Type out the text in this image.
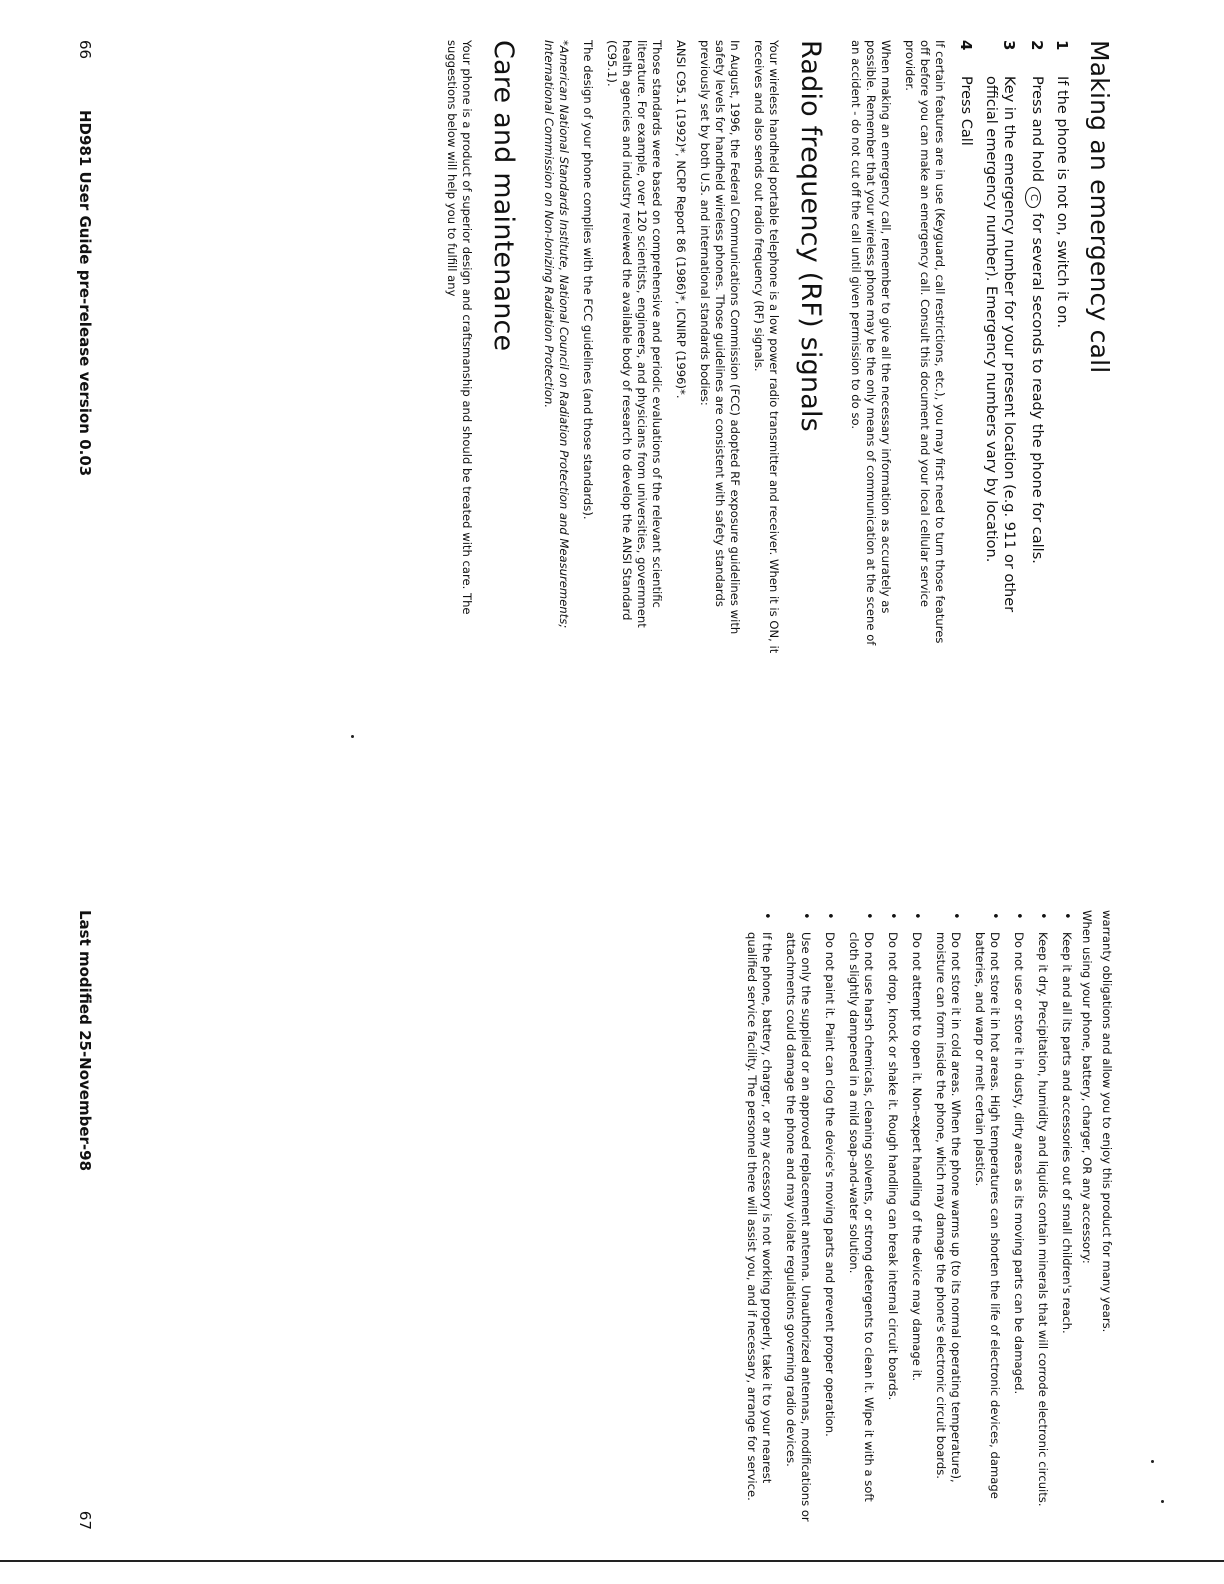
Making an emergency call
1
If the phone is not on, switch it on.
2
Press and holdCfor several seconds to ready the phone for calls.
3
Key in the emergency number for your present location (e.g. 911 or other official emergency number). Emergency numbers vary by location.
4
Press Call

If certain features are in use (Keyguard, call restrictions, etc.), you may first need to turn those features off before you can make an emergency call. Consult this document and your local cellular service provider.

When making an emergency call, remember to give all the necessary information as accurately as possible. Remember that your wireless phone may be the only means of communication at the scene of an accident - do not cut off the call until given permission to do so.

Radio frequency (RF) signals

Your wireless handheld portable telephone is a low power radio transmitter and receiver. When it is ON, it receives and also sends out radio frequency (RF) signals.

In August, 1996, the Federal Communications Commission (FCC) adopted RF exposure guidelines with safety levels for handheld wireless phones. Those guidelines are consistent with safety standards previously set by both U.S. and international standards bodies:

ANSI C95.1 (1992)*, NCRP Report 86 (1986)*, ICNIRP (1996)*.

Those standards were based on comprehensive and periodic evaluations of the relevant scientific literature. For example, over 120 scientists, engineers, and physicians from universities, government health agencies and industry reviewed the available body of research to develop the ANSI Standard (C95.1).

The design of your phone complies with the FCC guidelines (and those standards).

*American National Standards Institute, National Council on Radiation Protection and Measurements; International Commission on Non-Ionizing Radiation Protection.

Care and maintenance

Your phone is a product of superior design and craftsmanship and should be treated with care. The suggestions below will help you to fulfill any

66
HD981 User Guide pre-release version 0.03

warranty obligations and allow you to enjoy this product for many years.

When using your phone, battery, charger, OR any accessory:

• Keep it and all its parts and accessories out of small children's reach.
• Keep it dry. Precipitation, humidity and liquids contain minerals that will corrode electronic circuits.
• Do not use or store it in dusty, dirty areas as its moving parts can be damaged.
• Do not store it in hot areas. High temperatures can shorten the life of electronic devices, damage batteries, and warp or melt certain plastics.
• Do not store it in cold areas. When the phone warms up (to its normal operating temperature), moisture can form inside the phone, which may damage the phone's electronic circuit boards.
• Do not attempt to open it. Non-expert handling of the device may damage it.
• Do not drop, knock or shake it. Rough handling can break internal circuit boards.
• Do not use harsh chemicals, cleaning solvents, or strong detergents to clean it. Wipe it with a soft cloth slightly dampened in a mild soap-and-water solution.
• Do not paint it. Paint can clog the device's moving parts and prevent proper operation.
• Use only the supplied or an approved replacement antenna. Unauthorized antennas, modifications or attachments could damage the phone and may violate regulations governing radio devices.
• If the phone, battery, charger, or any accessory is not working properly, take it to your nearest qualified service facility. The personnel there will assist you, and if necessary, arrange for service.
Last modified 25-November-98
67
